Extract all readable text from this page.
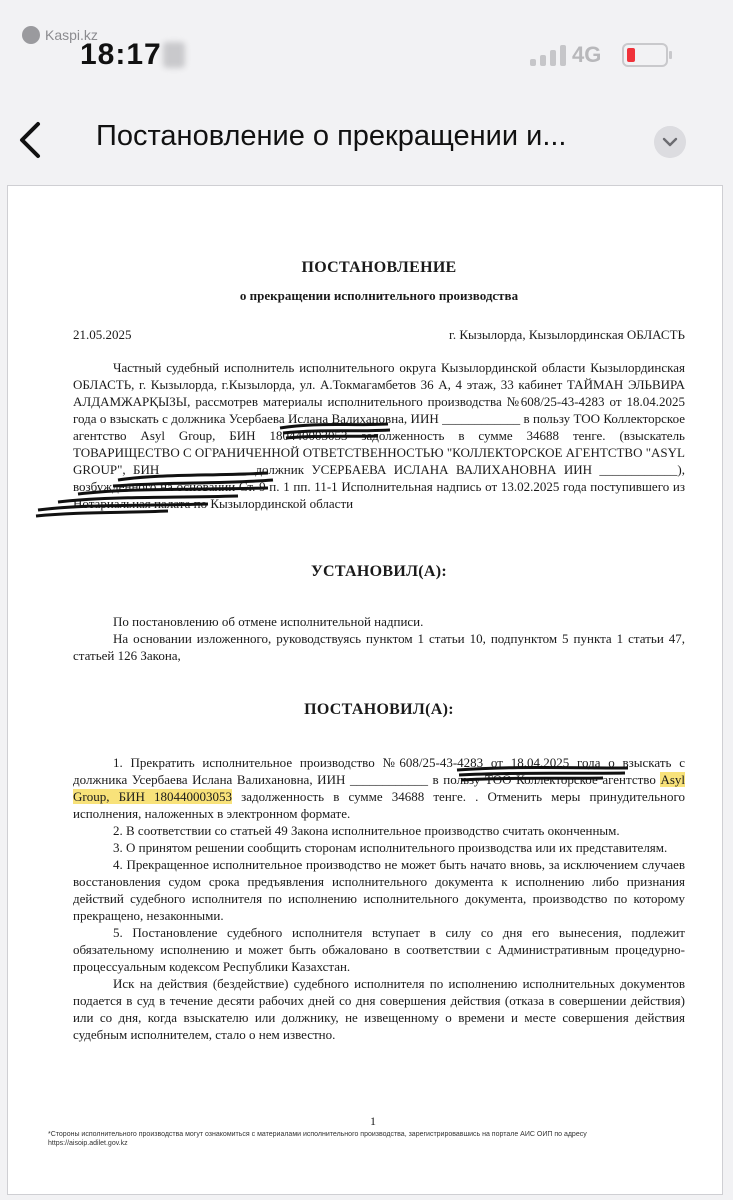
Kaspi.kz
18:17	4G
Постановление о прекращении и...
ПОСТАНОВЛЕНИЕ
о прекращении исполнительного производства
21.05.2025	г. Кызылорда, Кызылординская ОБЛАСТЬ

Частный судебный исполнитель исполнительного округа Кызылординской области Кызылординская ОБЛАСТЬ, г. Кызылорда, г.Кызылорда, ул. А.Токмагамбетов 36 А, 4 этаж, 33 кабинет ТАЙМАН ЭЛЬВИРА АЛДАМЖАРҚЫЗЫ, рассмотрев материалы исполнительного производства №608/25-43-4283 от 18.04.2025 года о взыскать с должника Усербаева Ислана Валихановна, ИИН ____________ в пользу ТОО Коллекторское агентство Asyl Group, БИН 180440003053 задолженность в сумме 34688 тенге. (взыскатель ТОВАРИЩЕСТВО С ОГРАНИЧЕННОЙ ОТВЕТСТВЕННОСТЬЮ "КОЛЛЕКТОРСКОЕ АГЕНТСТВО "ASYL GROUP", БИН ____________, должник УСЕРБАЕВА ИСЛАНА ВАЛИХАНОВНА ИИН ____________), возбужденного на основании Ст. 9 п. 1 пп. 11-1 Исполнительная надпись от 13.02.2025 года поступившего из Нотариальная палата по Кызылординской области

УСТАНОВИЛ(А):

По постановлению об отмене исполнительной надписи.

На основании изложенного, руководствуясь пунктом 1 статьи 10, подпунктом 5 пункта 1 статьи 47, статьей 126 Закона,

ПОСТАНОВИЛ(А):

1. Прекратить исполнительное производство №608/25-43-4283 от 18.04.2025 года о взыскать с должника Усербаева Ислана Валихановна, ИИН ____________ в пользу ТОО Коллекторское агентство Asyl Group, БИН 180440003053 задолженность в сумме 34688 тенге. . Отменить меры принудительного исполнения, наложенных в электронном формате.

2. В соответствии со статьей 49 Закона исполнительное производство считать оконченным.

3. О принятом решении сообщить сторонам исполнительного производства или их представителям.

4. Прекращенное исполнительное производство не может быть начато вновь, за исключением случаев восстановления судом срока предъявления исполнительного документа к исполнению либо признания действий судебного исполнителя по исполнению исполнительного документа, производство по которому прекращено, незаконными.

5. Постановление судебного исполнителя вступает в силу со дня его вынесения, подлежит обязательному исполнению и может быть обжаловано в соответствии с Административным процедурно-процессуальным кодексом Республики Казахстан.

Иск на действия (бездействие) судебного исполнителя по исполнению исполнительных документов подается в суд в течение десяти рабочих дней со дня совершения действия (отказа в совершении действия) или со дня, когда взыскателю или должнику, не извещенному о времени и месте совершения действия судебным исполнителем, стало о нем известно.

1
*Стороны исполнительного производства могут ознакомиться с материалами исполнительного производства, зарегистрировавшись на портале АИС ОИП по адресу https://aisoip.adilet.gov.kz
